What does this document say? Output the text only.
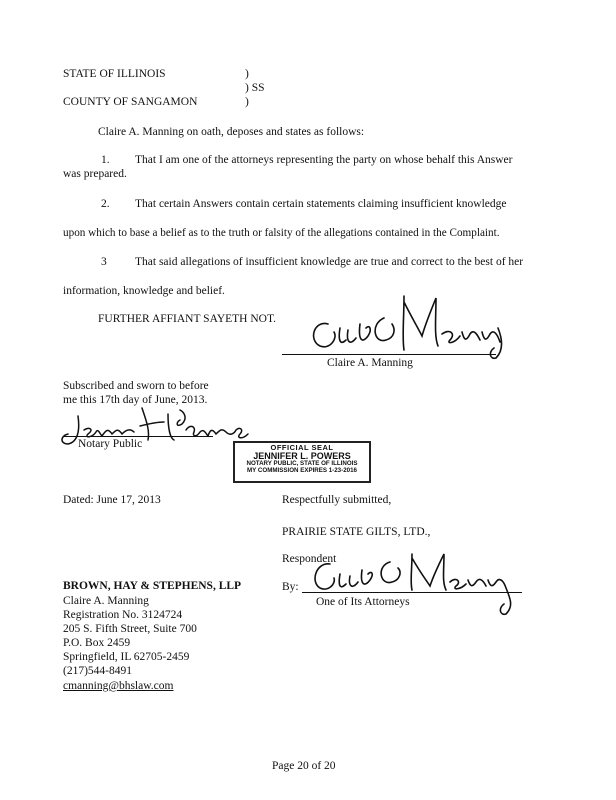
STATE OF ILLINOIS	)
) SS
COUNTY OF SANGAMON	)
Claire A. Manning on oath, deposes and states as follows:
1. That I am one of the attorneys representing the party on whose behalf this Answer
was prepared.
2. That certain Answers contain certain statements claiming insufficient knowledge
upon which to base a belief as to the truth or falsity of the allegations contained in the Complaint.
3 That said allegations of insufficient knowledge are true and correct to the best of her
information, knowledge and belief.
FURTHER AFFIANT SAYETH NOT.
Claire A. Manning
Subscribed and sworn to before
me this 17th day of June, 2013.
Notary Public	OFFICIAL SEAL
JENNIFER L. POWERS
NOTARY PUBLIC, STATE OF ILLINOIS
MY COMMISSION EXPIRES 1-23-2016
Dated: June 17, 2013	Respectfully submitted,
PRAIRIE STATE GILTS, LTD.,
Respondent
By:
One of Its Attorneys
BROWN, HAY & STEPHENS, LLP
Claire A. Manning
Registration No. 3124724
205 S. Fifth Street, Suite 700
P.O. Box 2459
Springfield, IL 62705-2459
(217)544-8491
cmanning@bhslaw.com
Page 20 of 20
